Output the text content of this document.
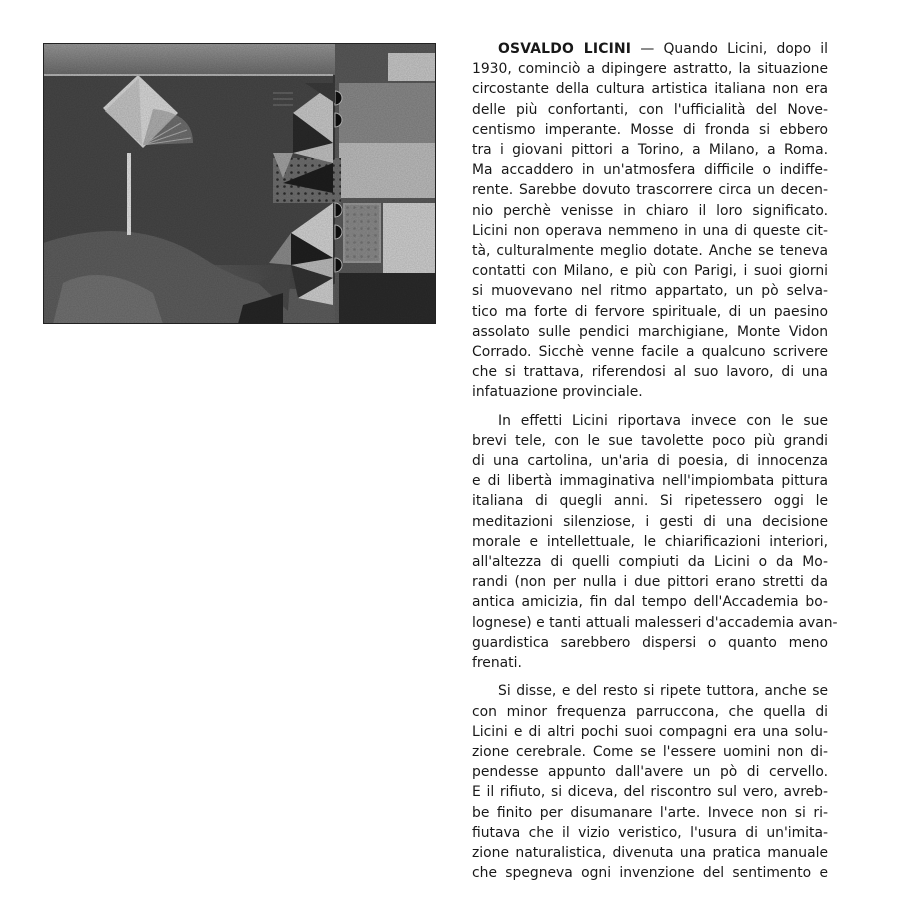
OSVALDO LICINI — Quando Licini, dopo il
1930, cominciò a dipingere astratto, la situazione
circostante della cultura artistica italiana non era
delle più confortanti, con l'ufficialità del Nove-
centismo imperante. Mosse di fronda si ebbero
tra i giovani pittori a Torino, a Milano, a Roma.
Ma accaddero in un'atmosfera difficile o indiffe-
rente. Sarebbe dovuto trascorrere circa un decen-
nio perchè venisse in chiaro il loro significato.
Licini non operava nemmeno in una di queste cit-
tà, culturalmente meglio dotate. Anche se teneva
contatti con Milano, e più con Parigi, i suoi giorni
si muovevano nel ritmo appartato, un pò selva-
tico ma forte di fervore spirituale, di un paesino
assolato sulle pendici marchigiane, Monte Vidon
Corrado. Sicchè venne facile a qualcuno scrivere
che si trattava, riferendosi al suo lavoro, di una
infatuazione provinciale.

In effetti Licini riportava invece con le sue
brevi tele, con le sue tavolette poco più grandi
di una cartolina, un'aria di poesia, di innocenza
e di libertà immaginativa nell'impiombata pittura
italiana di quegli anni. Si ripetessero oggi le
meditazioni silenziose, i gesti di una decisione
morale e intellettuale, le chiarificazioni interiori,
all'altezza di quelli compiuti da Licini o da Mo-
randi (non per nulla i due pittori erano stretti da
antica amicizia, fin dal tempo dell'Accademia bo-
lognese) e tanti attuali malesseri d'accademia avan-
guardistica sarebbero dispersi o quanto meno
frenati.

Si disse, e del resto si ripete tuttora, anche se
con minor frequenza parruccona, che quella di
Licini e di altri pochi suoi compagni era una solu-
zione cerebrale. Come se l'essere uomini non di-
pendesse appunto dall'avere un pò di cervello.
E il rifiuto, si diceva, del riscontro sul vero, avreb-
be finito per disumanare l'arte. Invece non si ri-
fiutava che il vizio veristico, l'usura di un'imita-
zione naturalistica, divenuta una pratica manuale
che spegneva ogni invenzione del sentimento e
